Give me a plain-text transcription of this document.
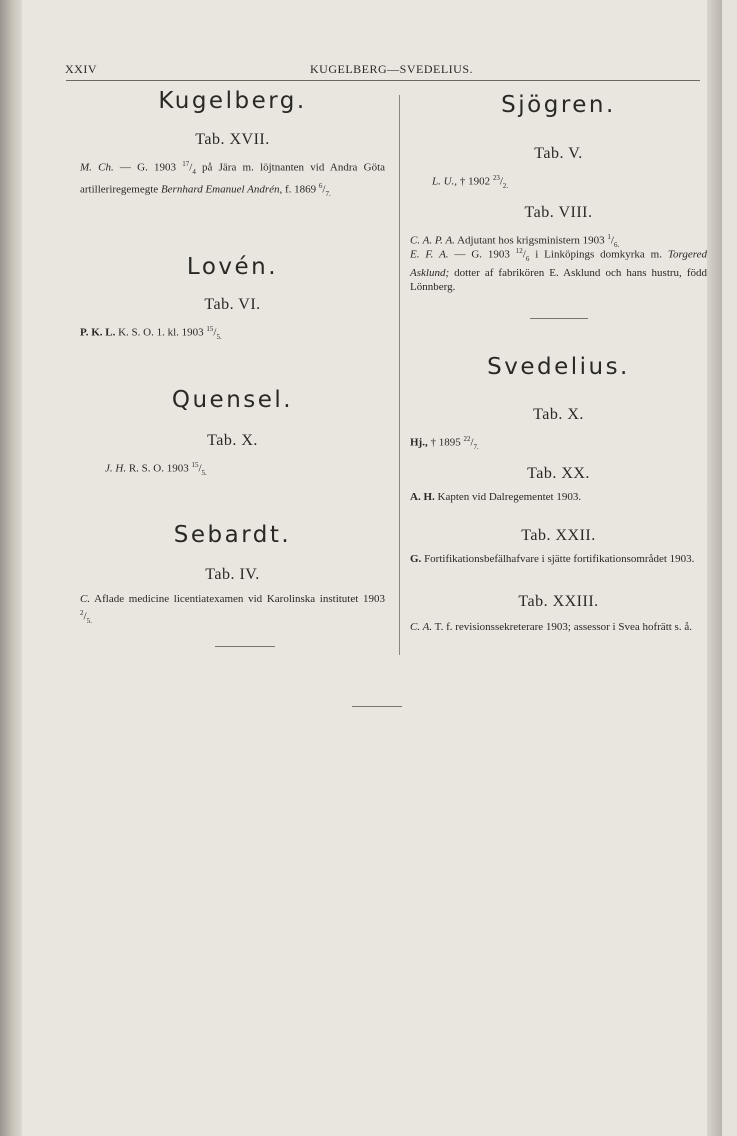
XXIV	KUGELBERG—SVEDELIUS.
Kugelberg.
Tab. XVII.
M. Ch. — G. 1903 $^{17}/_4$ på Jära m. löjtnanten vid Andra Göta artilleriregemegte Bernhard Emanuel Andrén, f. 1869 $^6/_{7.}$
Lovén.
Tab. VI.
P. K. L. K. S. O. 1. kl. 1903 $^{15}/_{5.}$
Quensel.
Tab. X.
J. H. R. S. O. 1903 $^{15}/_{5.}$
Sebardt.
Tab. IV.
C. Aflade medicine licentiatexamen vid Karolinska institutet 1903 $^2/_{5.}$
Sjögren.
Tab. V.
L. U., † 1902 $^{23}/_{2.}$
Tab. VIII.
C. A. P. A. Adjutant hos krigsministern 1903 $^1/_{6.}$
E. F. A. — G. 1903 $^{12}/_6$ i Linköpings domkyrka m. Torgered Asklund; dotter af fabrikören E. Asklund och hans hustru, född Lönnberg.
Svedelius.
Tab. X.
Hj., † 1895 $^{22}/_{7.}$
Tab. XX.
A. H. Kapten vid Dalregementet 1903.
Tab. XXII.
G. Fortifikationsbefälhafvare i sjätte fortifikationsområdet 1903.
Tab. XXIII.
C. A. T. f. revisionssekreterare 1903; assessor i Svea hofrätt s. å.
